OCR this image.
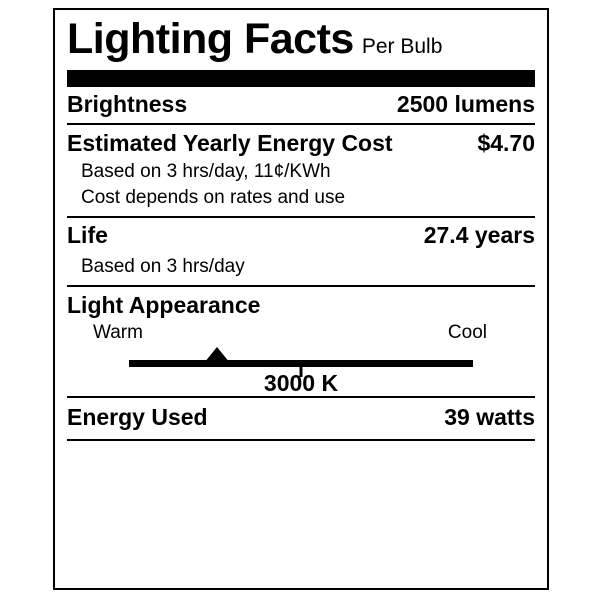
Lighting Facts Per Bulb
Brightness	2500 lumens
Estimated Yearly Energy Cost	$4.70
Based on 3 hrs/day, 11¢/KWh
Cost depends on rates and use
Life	27.4 years
Based on 3 hrs/day
Light Appearance
Warm	Cool
3000 K
Energy Used	39 watts
